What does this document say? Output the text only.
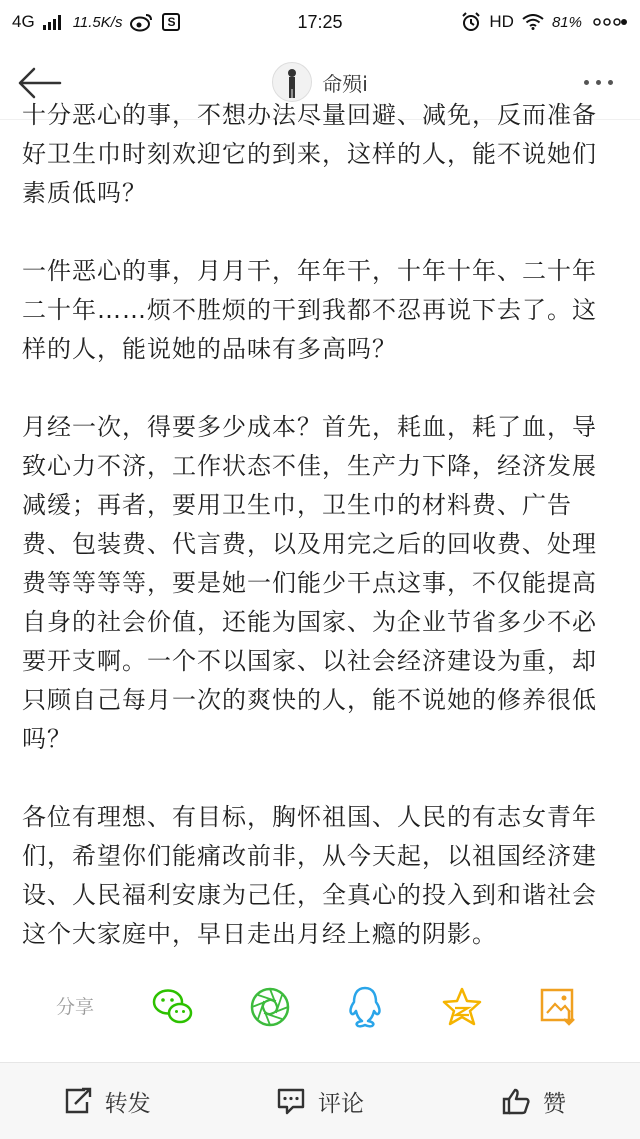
4G	11.5K/s	S	17:25	HD	81%
命殒i

十分恶心的事，不想办法尽量回避、减免，反而准备好卫生巾时刻欢迎它的到来，这样的人，能不说她们素质低吗？

一件恶心的事，月月干，年年干，十年十年、二十年二十年……烦不胜烦的干到我都不忍再说下去了。这样的人，能说她的品味有多高吗？

月经一次，得要多少成本？首先，耗血，耗了血，导致心力不济，工作状态不佳，生产力下降，经济发展减缓；再者，要用卫生巾，卫生巾的材料费、广告费、包装费、代言费，以及用完之后的回收费、处理费等等等等，要是她一们能少干点这事，不仅能提高自身的社会价值，还能为国家、为企业节省多少不必要开支啊。一个不以国家、以社会经济建设为重，却只顾自己每月一次的爽快的人，能不说她的修养很低吗？

各位有理想、有目标，胸怀祖国、人民的有志女青年们，希望你们能痛改前非，从今天起，以祖国经济建设、人民福利安康为己任，全真心的投入到和谐社会这个大家庭中，早日走出月经上瘾的阴影。

分享
转发	评论	赞
